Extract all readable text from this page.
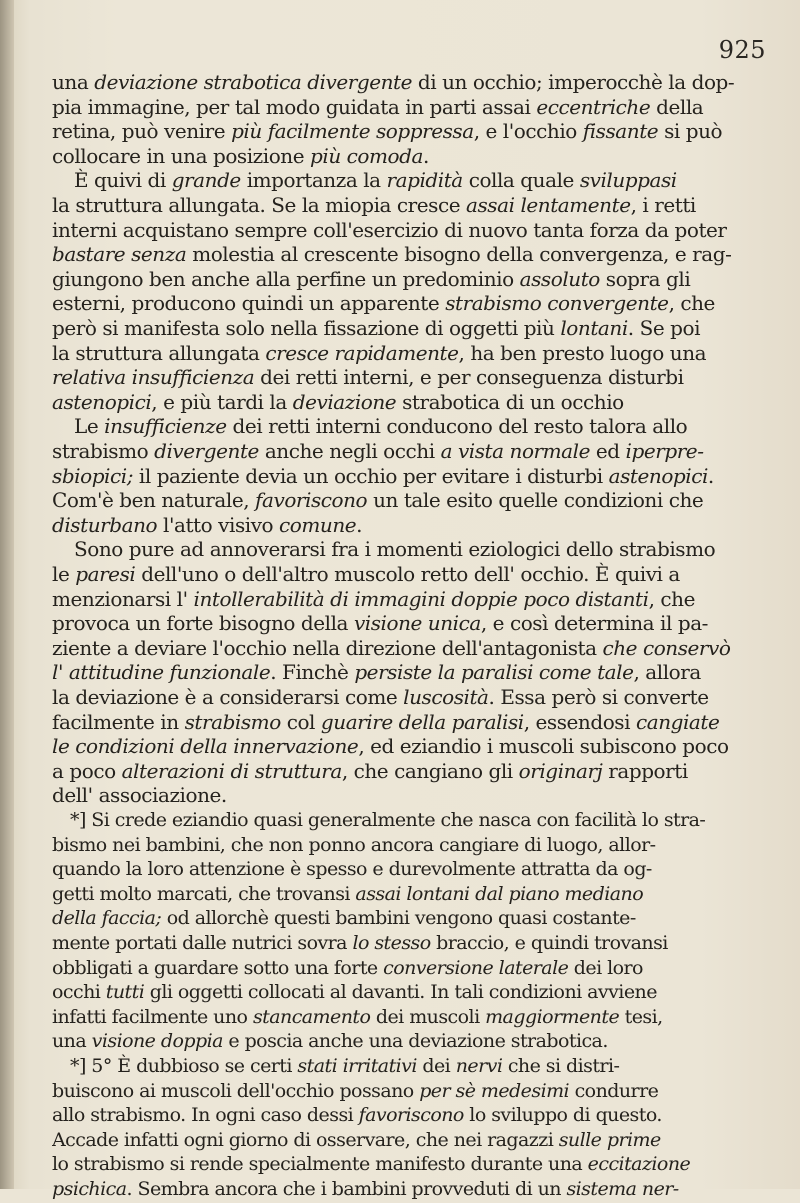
925
una deviazione strabotica divergente di un occhio; imperocchè la dop-
pia immagine, per tal modo guidata in parti assai eccentriche della
retina, può venire più facilmente soppressa, e l'occhio fissante si può
collocare in una posizione più comoda.
È quivi di grande importanza la rapidità colla quale sviluppasi
la struttura allungata. Se la miopia cresce assai lentamente, i retti
interni acquistano sempre coll'esercizio di nuovo tanta forza da poter
bastare senza molestia al crescente bisogno della convergenza, e rag-
giungono ben anche alla perfine un predominio assoluto sopra gli
esterni, producono quindi un apparente strabismo convergente, che
però si manifesta solo nella fissazione di oggetti più lontani. Se poi
la struttura allungata cresce rapidamente, ha ben presto luogo una
relativa insufficienza dei retti interni, e per conseguenza disturbi
astenopici, e più tardi la deviazione strabotica di un occhio
Le insufficienze dei retti interni conducono del resto talora allo
strabismo divergente anche negli occhi a vista normale ed iperpre-
sbiopici; il paziente devia un occhio per evitare i disturbi astenopici.
Com'è ben naturale, favoriscono un tale esito quelle condizioni che
disturbano l'atto visivo comune.
Sono pure ad annoverarsi fra i momenti eziologici dello strabismo
le paresi dell'uno o dell'altro muscolo retto dell' occhio. È quivi a
menzionarsi l' intollerabilità di immagini doppie poco distanti, che
provoca un forte bisogno della visione unica, e così determina il pa-
ziente a deviare l'occhio nella direzione dell'antagonista che conservò
l' attitudine funzionale. Finchè persiste la paralisi come tale, allora
la deviazione è a considerarsi come luscosità. Essa però si converte
facilmente in strabismo col guarire della paralisi, essendosi cangiate
le condizioni della innervazione, ed eziandio i muscoli subiscono poco
a poco alterazioni di struttura, che cangiano gli originarj rapporti
dell' associazione.
*] Si crede eziandio quasi generalmente che nasca con facilità lo stra-
bismo nei bambini, che non ponno ancora cangiare di luogo, allor-
quando la loro attenzione è spesso e durevolmente attratta da og-
getti molto marcati, che trovansi assai lontani dal piano mediano
della faccia; od allorchè questi bambini vengono quasi costante-
mente portati dalle nutrici sovra lo stesso braccio, e quindi trovansi
obbligati a guardare sotto una forte conversione laterale dei loro
occhi tutti gli oggetti collocati al davanti. In tali condizioni avviene
infatti facilmente uno stancamento dei muscoli maggiormente tesi,
una visione doppia e poscia anche una deviazione strabotica.
*] 5° È dubbioso se certi stati irritativi dei nervi che si distri-
buiscono ai muscoli dell'occhio possano per sè medesimi condurre
allo strabismo. In ogni caso dessi favoriscono lo sviluppo di questo.
Accade infatti ogni giorno di osservare, che nei ragazzi sulle prime
lo strabismo si rende specialmente manifesto durante una eccitazione
psichica. Sembra ancora che i bambini provveduti di un sistema ner-
